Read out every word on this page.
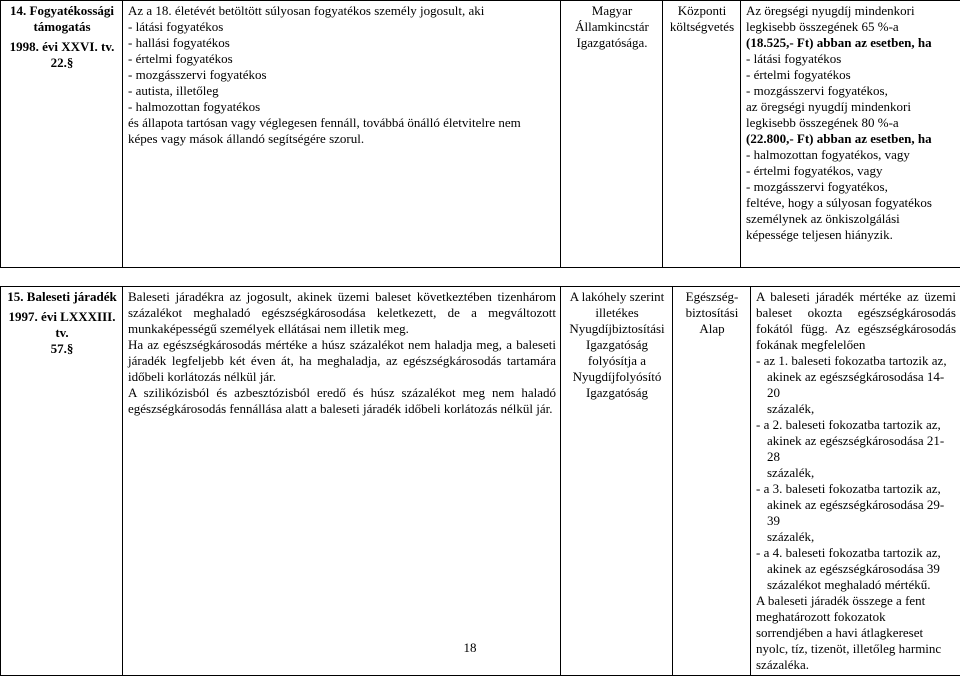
14. Fogyatékossági
támogatás
1998. évi XXVI. tv.
22.§

Az a 18. életévét betöltött súlyosan fogyatékos személy jogosult, aki
- látási fogyatékos
- hallási fogyatékos
- értelmi fogyatékos
- mozgásszervi fogyatékos
- autista, illetőleg
- halmozottan fogyatékos
és állapota tartósan vagy véglegesen fennáll, továbbá önálló életvitelre nem
képes vagy mások állandó segítségére szorul.

Magyar
Államkincstár
Igazgatósága.

Központi
költségvetés

Az öregségi nyugdíj mindenkori
legkisebb összegének 65 %-a
(18.525,- Ft) abban az esetben, ha
- látási fogyatékos
- értelmi fogyatékos
- mozgásszervi fogyatékos,
az öregségi nyugdíj mindenkori
legkisebb összegének 80 %-a
(22.800,- Ft) abban az esetben, ha
- halmozottan fogyatékos, vagy
- értelmi fogyatékos, vagy
- mozgásszervi fogyatékos,
feltéve, hogy a súlyosan fogyatékos
személynek az önkiszolgálási
képessége teljesen hiányzik.
15. Baleseti járadék
1997. évi LXXXIII.
tv.
57.§

Baleseti járadékra az jogosult, akinek üzemi baleset következtében tizenhárom százalékot meghaladó egészségkárosodása keletkezett, de a megváltozott munkaképességű személyek ellátásai nem illetik meg.
Ha az egészségkárosodás mértéke a húsz százalékot nem haladja meg, a baleseti járadék legfeljebb két éven át, ha meghaladja, az egészségkárosodás tartamára időbeli korlátozás nélkül jár.
A szilikózisból és azbesztózisból eredő és húsz százalékot meg nem haladó egészségkárosodás fennállása alatt a baleseti járadék időbeli korlátozás nélkül jár.

A lakóhely szerint
illetékes
Nyugdíjbiztosítási
Igazgatóság
folyósítja a
Nyugdíjfolyósító
Igazgatóság

Egészség-
biztosítási
Alap

A baleseti járadék mértéke az üzemi baleset okozta egészségkárosodás fokától függ. Az egészségkárosodás fokának megfelelően
- az 1. baleseti fokozatba tartozik az,
akinek az egészségkárosodása 14-20
százalék,
- a 2. baleseti fokozatba tartozik az,
akinek az egészségkárosodása 21-28
százalék,
- a 3. baleseti fokozatba tartozik az,
akinek az egészségkárosodása 29-39
százalék,
- a 4. baleseti fokozatba tartozik az,
akinek az egészségkárosodása 39
százalékot meghaladó mértékű.
A baleseti járadék összege a fent
meghatározott fokozatok
sorrendjében a havi átlagkereset
nyolc, tíz, tizenöt, illetőleg harminc
százaléka.
18
